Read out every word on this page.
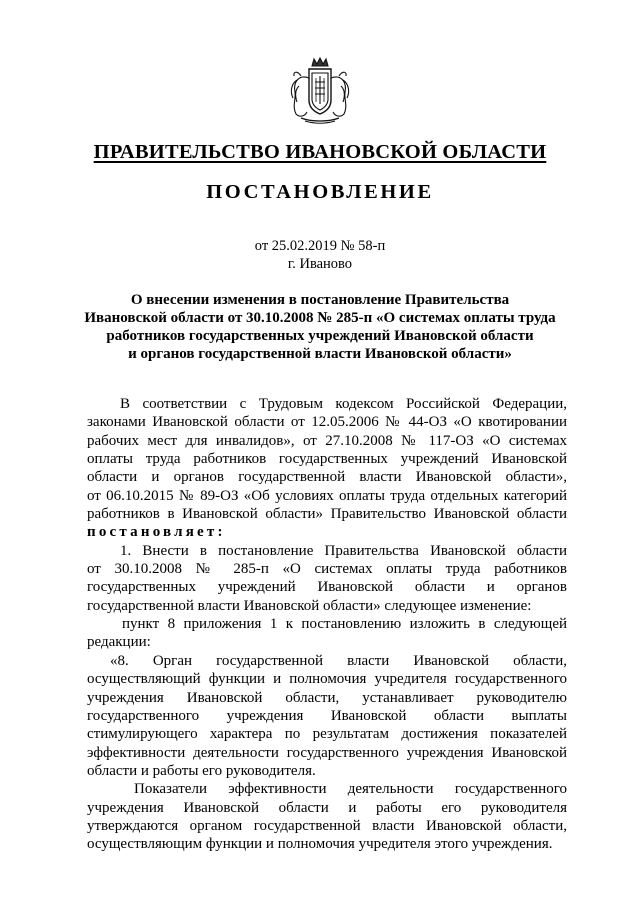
ПРАВИТЕЛЬСТВО ИВАНОВСКОЙ ОБЛАСТИ
ПОСТАНОВЛЕНИЕ
от 25.02.2019 № 58-п
г. Иваново
О внесении изменения в постановление Правительства
Ивановской области от 30.10.2008 № 285-п «О системах оплаты труда
работников государственных учреждений Ивановской области
и органов государственной власти Ивановской области»
В соответствии с Трудовым кодексом Российской Федерации,
законами Ивановской области от 12.05.2006 № 44-ОЗ «О квотировании
рабочих мест для инвалидов», от 27.10.2008 № 117-ОЗ «О системах
оплаты труда работников государственных учреждений Ивановской
области и органов государственной власти Ивановской области»,
от 06.10.2015 № 89-ОЗ «Об условиях оплаты труда отдельных категорий
работников в Ивановской области» Правительство Ивановской области
постановляет:
1. Внести в постановление Правительства Ивановской области
от 30.10.2008 № 285-п «О системах оплаты труда работников
государственных учреждений Ивановской области и органов
государственной власти Ивановской области» следующее изменение:
пункт 8 приложения 1 к постановлению изложить в следующей
редакции:
«8. Орган государственной власти Ивановской области,
осуществляющий функции и полномочия учредителя государственного
учреждения Ивановской области, устанавливает руководителю
государственного учреждения Ивановской области выплаты
стимулирующего характера по результатам достижения показателей
эффективности деятельности государственного учреждения Ивановской
области и работы его руководителя.
Показатели эффективности деятельности государственного
учреждения Ивановской области и работы его руководителя
утверждаются органом государственной власти Ивановской области,
осуществляющим функции и полномочия учредителя этого учреждения.
